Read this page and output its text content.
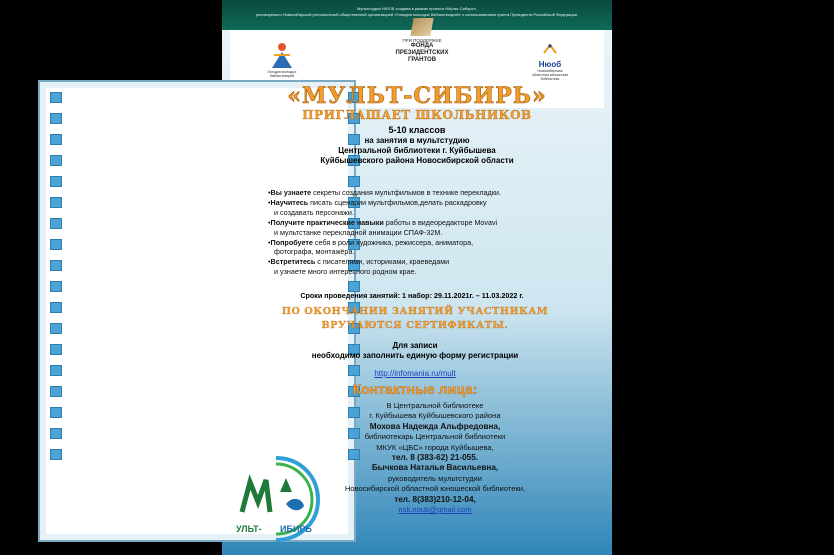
Мультстудия НЮОБ создана в рамках проекта «Мульт-Сибирь»,
реализуемого Новосибирской региональной общественной организацией «Гильдия молодых библиотекарей» с использованием гранта Президента Российской Федерации.
Гильдия молодых библиотекарей
ПРИ ПОДДЕРЖКЕ
ФОНДА
ПРЕЗИДЕНТСКИХ
ГРАНТОВ	Нюоб
Новосибирская областная юношеская библиотека
«МУЛЬТ-СИБИРЬ»
ПРИГЛАШАЕТ ШКОЛЬНИКОВ
5-10 классов
на занятия в мультстудию
Центральной библиотеки г. Куйбышева
Куйбышевского района Новосибирской области
•Вы узнаете секреты создания мультфильмов в технике перекладки.
•Научитесь писать сценарии мультфильмов,делать раскадровку
и создавать персонажи.
•Получите практические навыки работы в видеоредакторе Movavi
и мультстанке перекладной анимации СПАФ-32М.
•Попробуете себя в роли художника, режиссера, аниматора,
фотографа, монтажёра.
•Встретитесь с писателями, историками, краеведами
и узнаете много интересного родном крае.
Сроки проведения занятий: 1 набор: 29.11.2021г. – 11.03.2022 г.
ПО ОКОНЧАНИИ ЗАНЯТИЙ УЧАСТНИКАМ
ВРУЧАЮТСЯ СЕРТИФИКАТЫ.
Для записи
необходимо заполнить единую форму регистрации
http://infomania.ru/mult
Контактные лица:
В Центральной библиотеке
г. Куйбышева Куйбышевского района
Мохова Надежда Альфредовна,
библиотекарь Центральной библиотеки
МКУК «ЦБС» города Куйбышева,
тел. 8 (383-62) 21-055.
Бычкова Наталья Васильевна,
руководитель мультстудии
Новосибирской областной юношеской библиотеки,
тел. 8(383)210-12-04,
nsk.noub@gmail.com
УЛЬТ- ИБИРЬ
